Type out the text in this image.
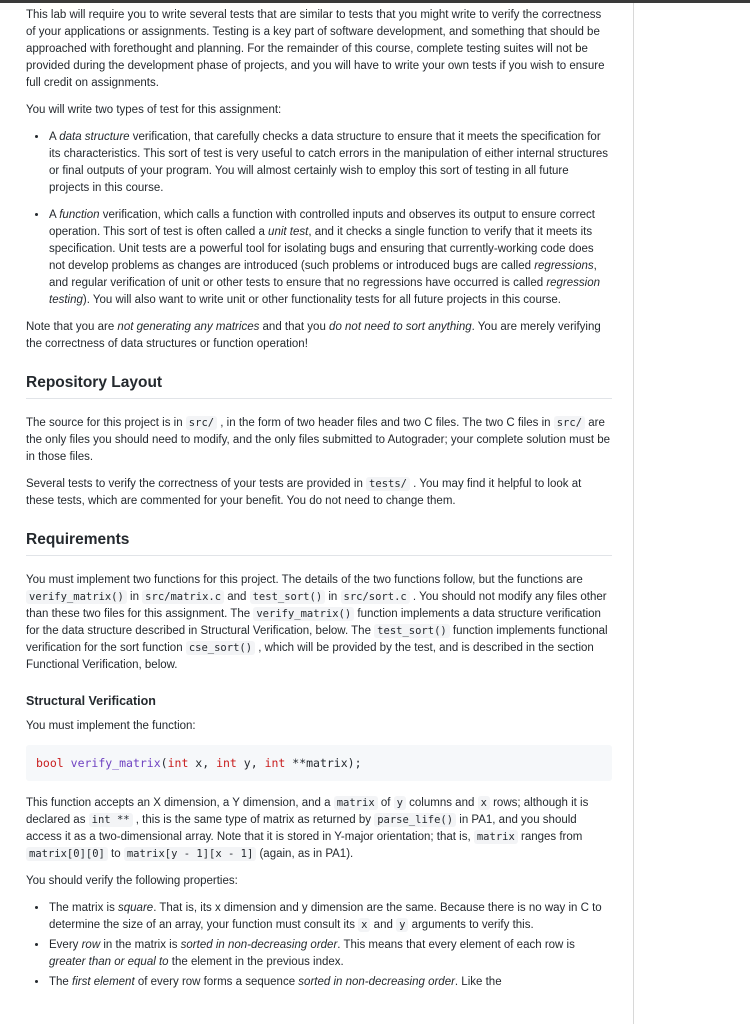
This lab will require you to write several tests that are similar to tests that you might write to verify the correctness of your applications or assignments. Testing is a key part of software development, and something that should be approached with forethought and planning. For the remainder of this course, complete testing suites will not be provided during the development phase of projects, and you will have to write your own tests if you wish to ensure full credit on assignments.

You will write two types of test for this assignment:

• A data structure verification, that carefully checks a data structure to ensure that it meets the specification for its characteristics. This sort of test is very useful to catch errors in the manipulation of either internal structures or final outputs of your program. You will almost certainly wish to employ this sort of testing in all future projects in this course.
• A function verification, which calls a function with controlled inputs and observes its output to ensure correct operation. This sort of test is often called a unit test, and it checks a single function to verify that it meets its specification. Unit tests are a powerful tool for isolating bugs and ensuring that currently-working code does not develop problems as changes are introduced (such problems or introduced bugs are called regressions, and regular verification of unit or other tests to ensure that no regressions have occurred is called regression testing). You will also want to write unit or other functionality tests for all future projects in this course.

Note that you are not generating any matrices and that you do not need to sort anything. You are merely verifying the correctness of data structures or function operation!

Repository Layout

The source for this project is in src/ , in the form of two header files and two C files. The two C files in src/ are the only files you should need to modify, and the only files submitted to Autograder; your complete solution must be in those files.

Several tests to verify the correctness of your tests are provided in tests/ . You may find it helpful to look at these tests, which are commented for your benefit. You do not need to change them.

Requirements

You must implement two functions for this project. The details of the two functions follow, but the functions are verify_matrix() in src/matrix.c and test_sort() in src/sort.c . You should not modify any files other than these two files for this assignment. The verify_matrix() function implements a data structure verification for the data structure described in Structural Verification, below. The test_sort() function implements functional verification for the sort function cse_sort() , which will be provided by the test, and is described in the section Functional Verification, below.

Structural Verification

You must implement the function:

bool verify_matrix(int x, int y, int **matrix);

This function accepts an X dimension, a Y dimension, and a matrix of y columns and x rows; although it is declared as int ** , this is the same type of matrix as returned by parse_life() in PA1, and you should access it as a two-dimensional array. Note that it is stored in Y-major orientation; that is, matrix ranges from matrix[0][0] to matrix[y - 1][x - 1] (again, as in PA1).

You should verify the following properties:

• The matrix is square. That is, its x dimension and y dimension are the same. Because there is no way in C to determine the size of an array, your function must consult its x and y arguments to verify this.
• Every row in the matrix is sorted in non-decreasing order. This means that every element of each row is greater than or equal to the element in the previous index.
• The first element of every row forms a sequence sorted in non-decreasing order. Like the
